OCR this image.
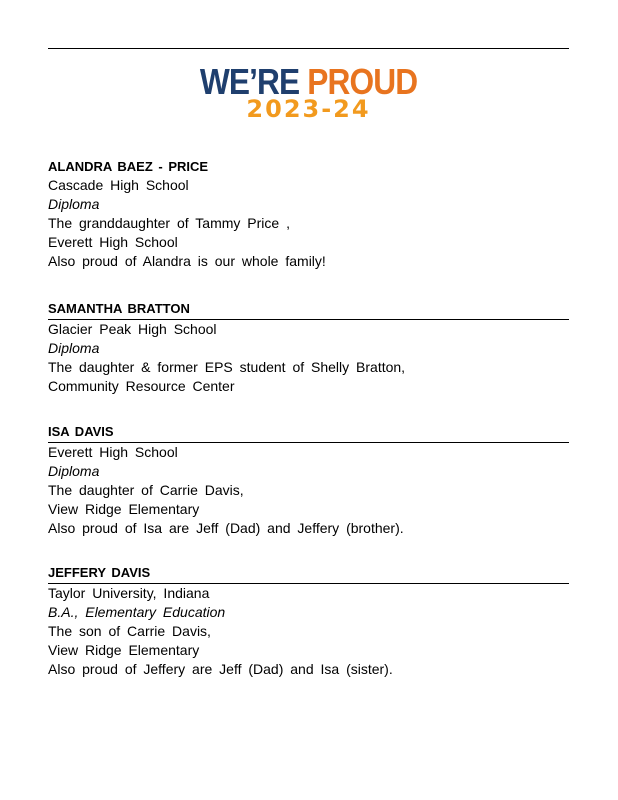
WE’RE PROUD
2023-24
ALANDRA BAEZ - PRICE
Cascade High School
Diploma
The granddaughter of Tammy Price ,
Everett High School
Also proud of Alandra is our whole family!
SAMANTHA BRATTON
Glacier Peak High School
Diploma
The daughter & former EPS student of Shelly Bratton,
Community Resource Center
ISA DAVIS
Everett High School
Diploma
The daughter of Carrie Davis,
View Ridge Elementary
Also proud of Isa are Jeff (Dad) and Jeffery (brother).
JEFFERY DAVIS
Taylor University, Indiana
B.A., Elementary Education
The son of Carrie Davis,
View Ridge Elementary
Also proud of Jeffery are Jeff (Dad) and Isa (sister).
